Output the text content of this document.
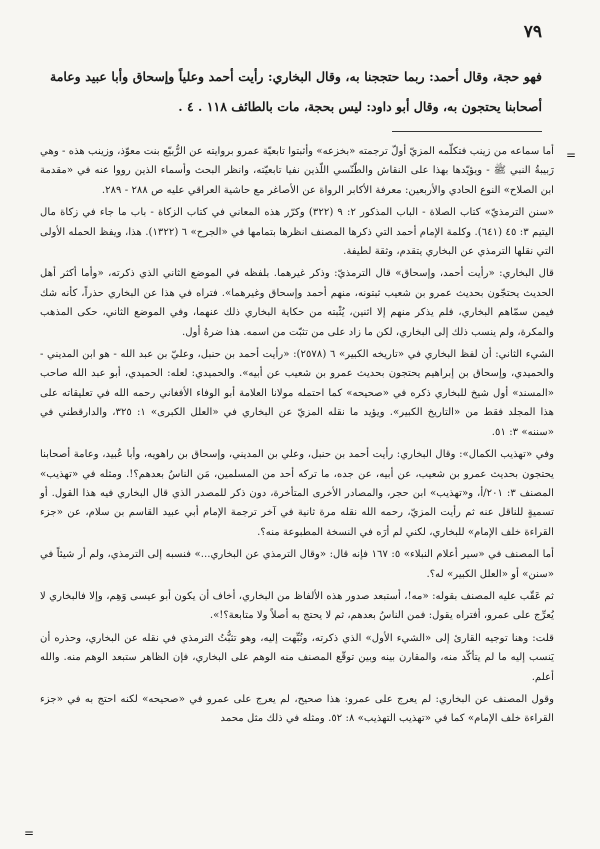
٧٩

فهو حجة، وقال أحمد: ربما حتججنا به، وقال البخاري: رأيت أحمد وعلياً وإسحاق وأبا عبيد وعامة أصحابنا يحتجون به، وقال أبو داود: ليس بحجة، مات بالطائف ١١٨ . ٤ .

=

أما سماعه من زينب فتكلّمه المزيّ أولّ ترجمته «بخزعه» وأثبتوا تابعيّة عمرو بروايته عن الرُّبيّع بنت معوّذ، وزينب هذه - وهي رَبيبةُ النبي ﷺ - ويؤيّدها بهذا على النقاش والطّنّسي اللّذين نفيا تابعيّته، وانظر البحث وأسماء الذين رووا عنه في «مقدمة ابن الصلاح» النوع الحادي والأربعين: معرفة الأكابر الرواة عن الأصاغر مع حاشية العراقي عليه ص ٢٨٨ - ٢٨٩.

«سنن الترمذيّ» كتاب الصلاة - الباب المذكور ٢: ٩ (٣٢٢) وكرّر هذه المعاني في كتاب الزكاة - باب ما جاء في زكاة مال اليتيم ٣: ٤٥ (٦٤١). وكلمة الإمام أحمد التي ذكرها المصنف انظرها بتمامها في «الجرح» ٦ (١٣٢٢). هذا، ويفظ الحمله الأولى التي نقلها الترمذي عن البخاري يتقدم، وثقة لطيفة.

قال البخاري: «رأيت أحمد، وإسحاق» قال الترمذيّ: وذكر غيرهما. بلفظه في الموضع الثاني الذي ذكرته، «وأما أكثر أهل الحديث يحتجّون بحديث عمرو بن شعيب ثبتونه، منهم أحمد وإسحاق وغيرهما». فتراه في هذا عن البخاري حذراً، كأنه شك فيمن سمّاهم البخاري، فلم يذكر منهم إلا اثنين، يُثْبته من حكاية البخاري ذلك عنهما، وفي الموضع الثاني، حكى المذهب والمكرة، ولم ينسب ذلك إلى البخاري، لكن ما زاد على من تثبّت من اسمه. هذا ضرهُ أول.

الشيء الثاني: أن لفظ البخاري في «تاريخه الكبير» ٦ (٢٥٧٨): «رأيت أحمد بن حنبل، وعليّ بن عبد الله - هو ابن المديني - والحميدي، وإسحاق بن إبراهيم يحتجون بحديث عمرو بن شعيب عن أبيه». والحميدي: لعله: الحميدي، أبو عبد الله صاحب «المسند» أول شيخ للبخاري ذكره في «صحيحه» كما احتمله مولانا العلامة أبو الوفاء الأفغاني رحمه الله في تعليقاته على هذا المجلد فقط من «التاريخ الكبير». ويؤيد ما نقله المزيّ عن البخاري في «العلل الكبرى» ١: ٣٢٥، والدارقطني في «سننه» ٣: ٥١.

وفي «تهذيب الكمال»: وقال البخاري: رأيت أحمد بن حنبل، وعلي بن المديني، وإسحاق بن راهويه، وأبا عُبيد، وعامة أصحابنا يحتجون بحديث عمرو بن شعيب، عن أبيه، عن جده، ما تركه أحد من المسلمين، مَن الناسُ بعدهم؟!. ومثله في «تهذيب» المصنف ٣: ٢٠١/أ، و«تهذيب» ابن حجر، والمصادر الأخرى المتأخرة، دون ذكر للمصدر الذي قال البخاري فيه هذا القول. أو تسميةٍ للناقل عنه ثم رأيت المزيّ، رحمه الله نقله مرة ثانية في آخر ترجمة الإمام أبي عبيد القاسم بن سلام، عن «جزء القراءة خلف الإمام» للبخاري، لكني لم أرَه في النسخة المطبوعة منه؟.

أما المصنف في «سير أعلام النبلاء» ٥: ١٦٧ فإنه قال: «وقال الترمذي عن البخاري...» فنسبه إلى الترمذي، ولم أر شيئاً في «سنن» أو «العلل الكبير» له؟.

ثم عَقّب عليه المصنف بقوله: «مه!، أستبعد صدور هذه الألفاظ من البخاري، أخاف أن يكون أبو عيسى وَهِم، وإلا فالبخاري لا يُعرِّج على عمرو، أفتراه يقول: فمن الناسُ بعدهم، ثم لا يحتج به أصلاً ولا متابعة؟!».

قلت: وهنا توجيه القارئ إلى «الشيء الأول» الذي ذكرته، ونُبِّهت إليه، وهو تثبُّتُ الترمذي في نقله عن البخاري، وحذره أن يَنسب إليه ما لم يتأكّد منه، والمقارن بينه وبين توقّع المصنف منه الوهم على البخاري، فإن الظاهر ستبعد الوهم منه. والله أعلم.

وقول المصنف عن البخاري: لم يعرج على عمرو: هذا صحيح، لم يعرج على عمرو في «صحيحه» لكنه احتج به في «جزء القراءة خلف الإمام» كما في «تهذيب التهذيب» ٨: ٥٢. ومثله في ذلك مثل محمد

=
